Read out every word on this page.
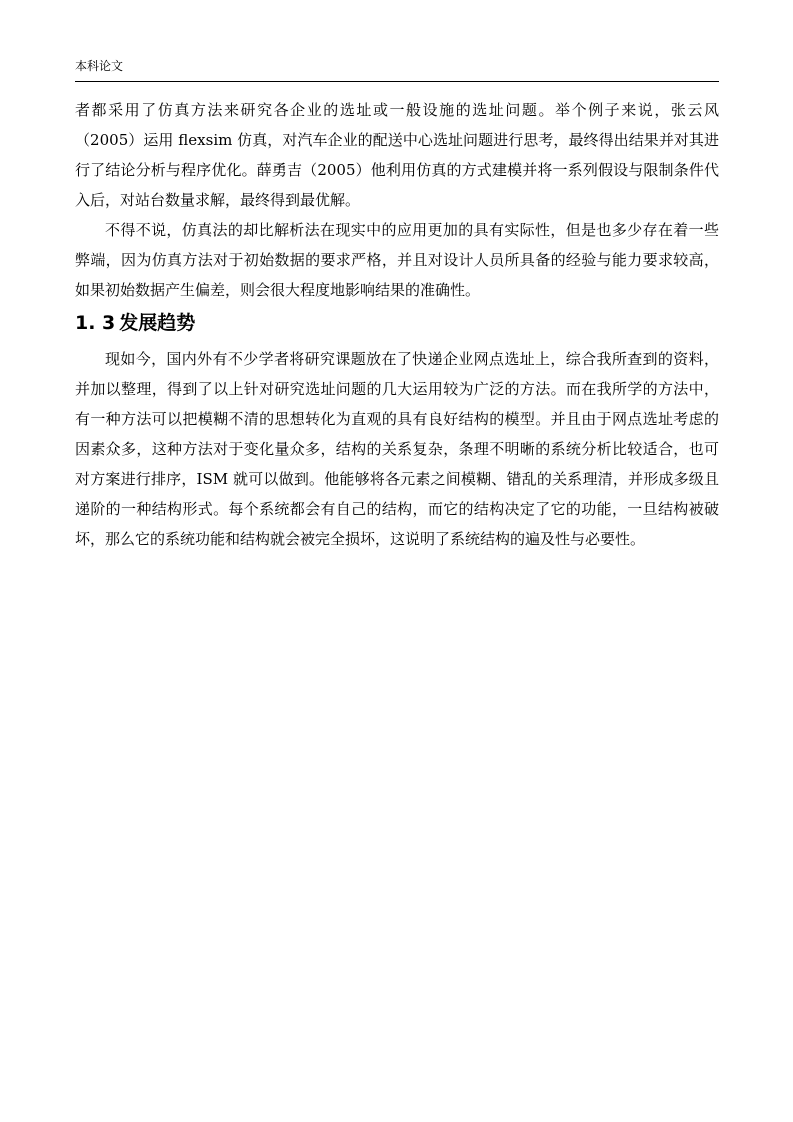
本科论文

者都采用了仿真方法来研究各企业的选址或一般设施的选址问题。举个例子来说，张云风（2005）运用 flexsim 仿真，对汽车企业的配送中心选址问题进行思考，最终得出结果并对其进行了结论分析与程序优化。薛勇吉（2005）他利用仿真的方式建模并将一系列假设与限制条件代入后，对站台数量求解，最终得到最优解。

不得不说，仿真法的却比解析法在现实中的应用更加的具有实际性，但是也多少存在着一些弊端，因为仿真方法对于初始数据的要求严格，并且对设计人员所具备的经验与能力要求较高，如果初始数据产生偏差，则会很大程度地影响结果的准确性。

1. 3 发展趋势

现如今，国内外有不少学者将研究课题放在了快递企业网点选址上，综合我所查到的资料，并加以整理，得到了以上针对研究选址问题的几大运用较为广泛的方法。而在我所学的方法中，有一种方法可以把模糊不清的思想转化为直观的具有良好结构的模型。并且由于网点选址考虑的因素众多，这种方法对于变化量众多，结构的关系复杂，条理不明晰的系统分析比较适合，也可对方案进行排序，ISM 就可以做到。他能够将各元素之间模糊、错乱的关系理清，并形成多级且递阶的一种结构形式。每个系统都会有自己的结构，而它的结构决定了它的功能，一旦结构被破坏，那么它的系统功能和结构就会被完全损坏，这说明了系统结构的遍及性与必要性。
